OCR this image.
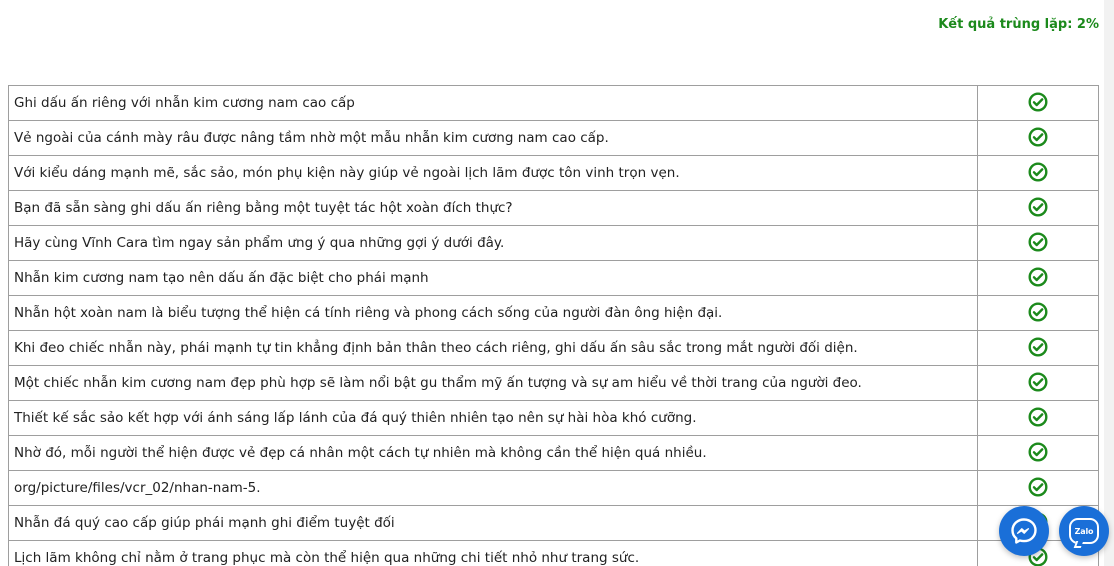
Kết quả trùng lặp: 2%
Ghi dấu ấn riêng với nhẫn kim cương nam cao cấp	
Vẻ ngoài của cánh mày râu được nâng tầm nhờ một mẫu nhẫn kim cương nam cao cấp.	
Với kiểu dáng mạnh mẽ, sắc sảo, món phụ kiện này giúp vẻ ngoài lịch lãm được tôn vinh trọn vẹn.	
Bạn đã sẵn sàng ghi dấu ấn riêng bằng một tuyệt tác hột xoàn đích thực?	
Hãy cùng Vĩnh Cara tìm ngay sản phẩm ưng ý qua những gợi ý dưới đây.	
Nhẫn kim cương nam tạo nên dấu ấn đặc biệt cho phái mạnh	
Nhẫn hột xoàn nam là biểu tượng thể hiện cá tính riêng và phong cách sống của người đàn ông hiện đại.	
Khi đeo chiếc nhẫn này, phái mạnh tự tin khẳng định bản thân theo cách riêng, ghi dấu ấn sâu sắc trong mắt người đối diện.	
Một chiếc nhẫn kim cương nam đẹp phù hợp sẽ làm nổi bật gu thẩm mỹ ấn tượng và sự am hiểu về thời trang của người đeo.	
Thiết kế sắc sảo kết hợp với ánh sáng lấp lánh của đá quý thiên nhiên tạo nên sự hài hòa khó cưỡng.	
Nhờ đó, mỗi người thể hiện được vẻ đẹp cá nhân một cách tự nhiên mà không cần thể hiện quá nhiều.	
org/picture/files/vcr_02/nhan-nam-5.	
Nhẫn đá quý cao cấp giúp phái mạnh ghi điểm tuyệt đối	
Lịch lãm không chỉ nằm ở trang phục mà còn thể hiện qua những chi tiết nhỏ như trang sức.	
Zalo
